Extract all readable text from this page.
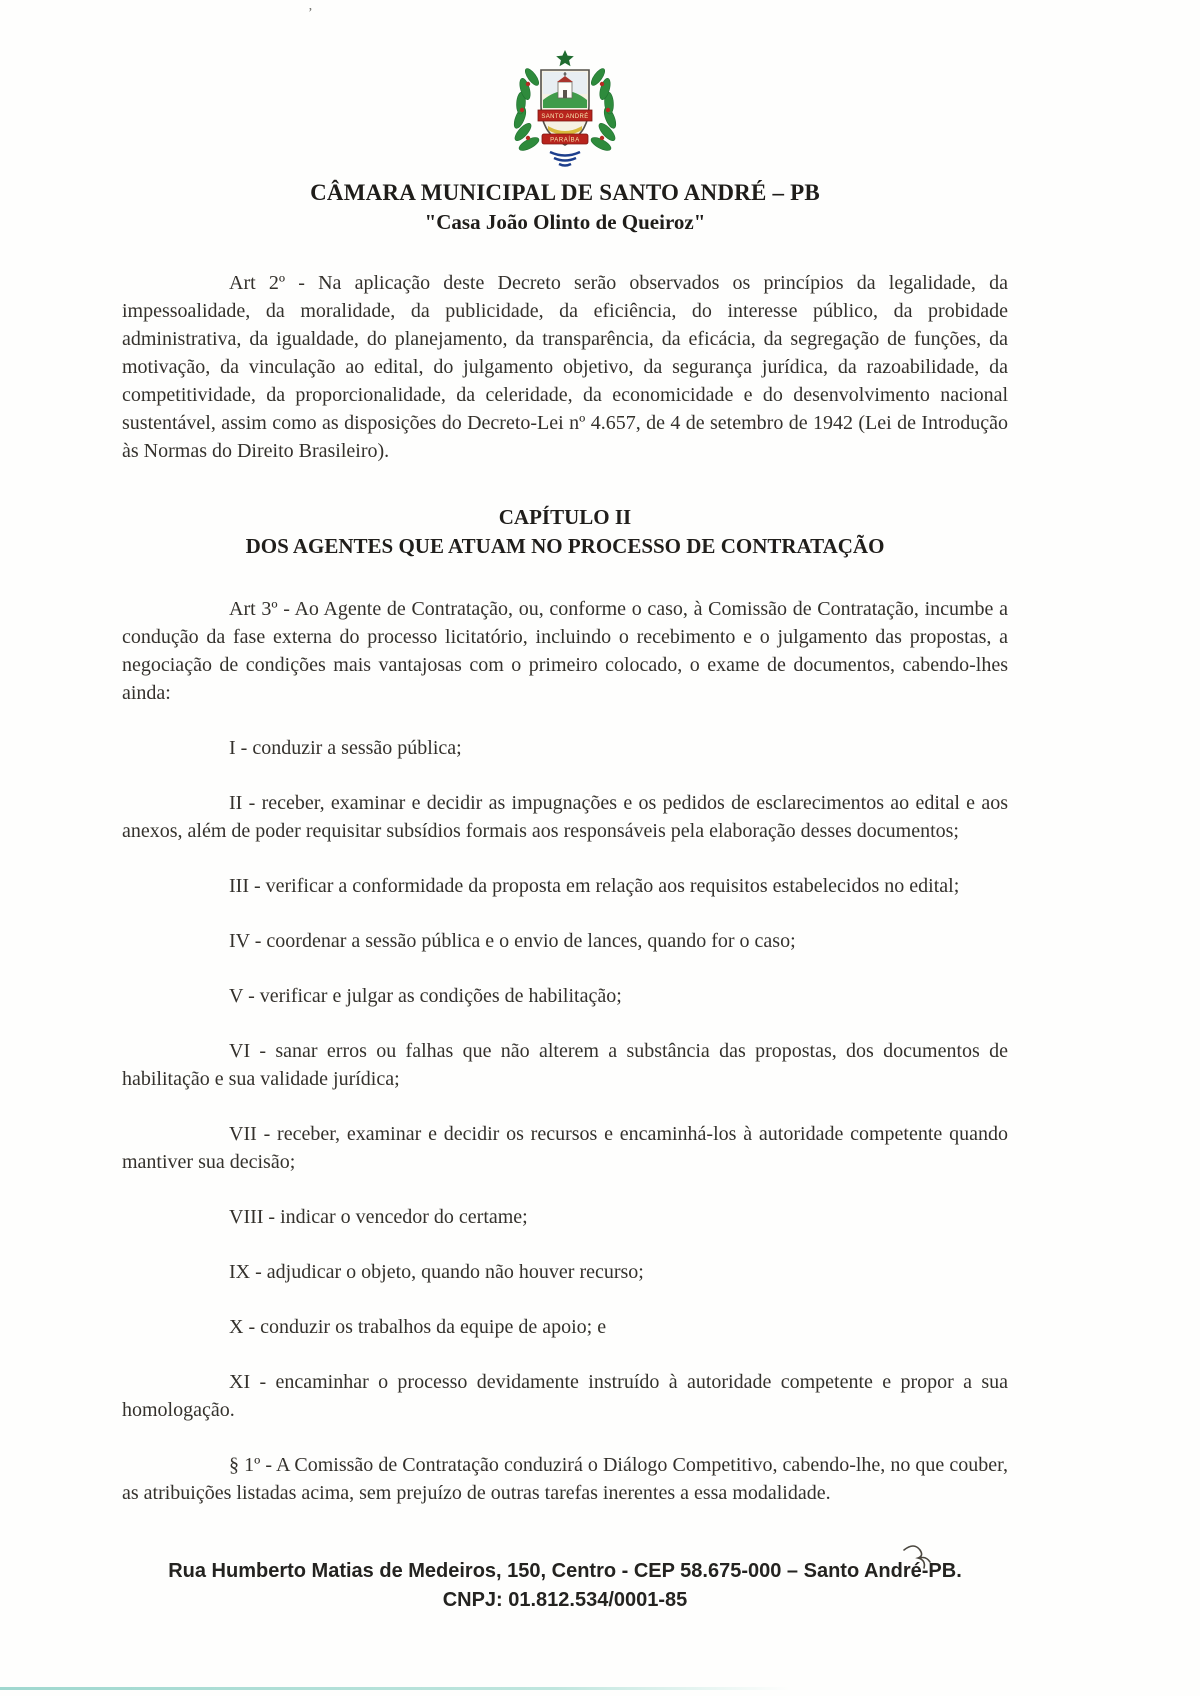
’
SANTO ANDRÉ
PARAÍBA
CÂMARA MUNICIPAL DE SANTO ANDRÉ – PB
"Casa João Olinto de Queiroz"

Art 2º - Na aplicação deste Decreto serão observados os princípios da legalidade, da impessoalidade, da moralidade, da publicidade, da eficiência, do interesse público, da probidade administrativa, da igualdade, do planejamento, da transparência, da eficácia, da segregação de funções, da motivação, da vinculação ao edital, do julgamento objetivo, da segurança jurídica, da razoabilidade, da competitividade, da proporcionalidade, da celeridade, da economicidade e do desenvolvimento nacional sustentável, assim como as disposições do Decreto-Lei nº 4.657, de 4 de setembro de 1942 (Lei de Introdução às Normas do Direito Brasileiro).

CAPÍTULO II

DOS AGENTES QUE ATUAM NO PROCESSO DE CONTRATAÇÃO

Art 3º - Ao Agente de Contratação, ou, conforme o caso, à Comissão de Contratação, incumbe a condução da fase externa do processo licitatório, incluindo o recebimento e o julgamento das propostas, a negociação de condições mais vantajosas com o primeiro colocado, o exame de documentos, cabendo-lhes ainda:

I - conduzir a sessão pública;

II - receber, examinar e decidir as impugnações e os pedidos de esclarecimentos ao edital e aos anexos, além de poder requisitar subsídios formais aos responsáveis pela elaboração desses documentos;

III - verificar a conformidade da proposta em relação aos requisitos estabelecidos no edital;

IV - coordenar a sessão pública e o envio de lances, quando for o caso;

V - verificar e julgar as condições de habilitação;

VI - sanar erros ou falhas que não alterem a substância das propostas, dos documentos de habilitação e sua validade jurídica;

VII - receber, examinar e decidir os recursos e encaminhá-los à autoridade competente quando mantiver sua decisão;

VIII - indicar o vencedor do certame;

IX - adjudicar o objeto, quando não houver recurso;

X - conduzir os trabalhos da equipe de apoio; e

XI - encaminhar o processo devidamente instruído à autoridade competente e propor a sua homologação.

§ 1º - A Comissão de Contratação conduzirá o Diálogo Competitivo, cabendo-lhe, no que couber, as atribuições listadas acima, sem prejuízo de outras tarefas inerentes a essa modalidade.

Rua Humberto Matias de Medeiros, 150, Centro - CEP 58.675-000 – Santo André-PB.

CNPJ: 01.812.534/0001-85
